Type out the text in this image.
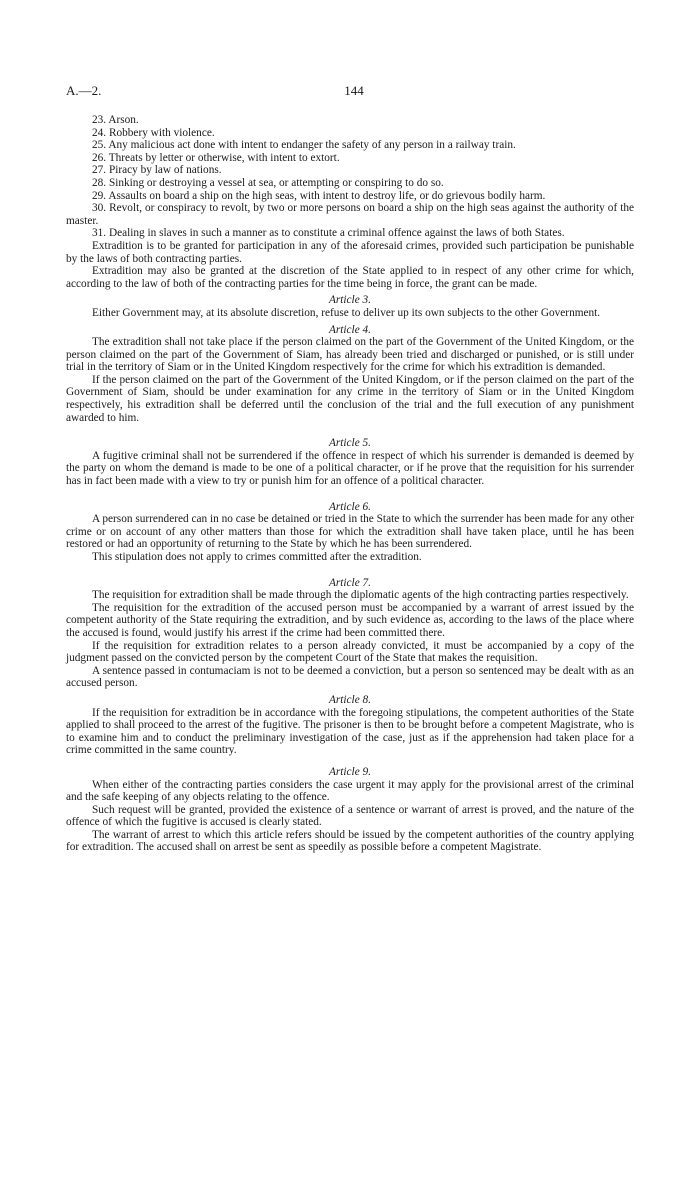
A.—2.	144

23. Arson.

24. Robbery with violence.

25. Any malicious act done with intent to endanger the safety of any person in a railway train.

26. Threats by letter or otherwise, with intent to extort.

27. Piracy by law of nations.

28. Sinking or destroying a vessel at sea, or attempting or conspiring to do so.

29. Assaults on board a ship on the high seas, with intent to destroy life, or do grievous bodily harm.

30. Revolt, or conspiracy to revolt, by two or more persons on board a ship on the high seas against the authority of the master.

31. Dealing in slaves in such a manner as to constitute a criminal offence against the laws of both States.

Extradition is to be granted for participation in any of the aforesaid crimes, provided such participation be punishable by the laws of both contracting parties.

Extradition may also be granted at the discretion of the State applied to in respect of any other crime for which, according to the law of both of the contracting parties for the time being in force, the grant can be made.

Article 3.

Either Government may, at its absolute discretion, refuse to deliver up its own subjects to the other Government.

Article 4.

The extradition shall not take place if the person claimed on the part of the Government of the United Kingdom, or the person claimed on the part of the Government of Siam, has already been tried and discharged or punished, or is still under trial in the territory of Siam or in the United Kingdom respectively for the crime for which his extradition is demanded.

If the person claimed on the part of the Government of the United Kingdom, or if the person claimed on the part of the Government of Siam, should be under examination for any crime in the territory of Siam or in the United Kingdom respectively, his extradition shall be deferred until the conclusion of the trial and the full execution of any punishment awarded to him.

Article 5.

A fugitive criminal shall not be surrendered if the offence in respect of which his surrender is demanded is deemed by the party on whom the demand is made to be one of a political character, or if he prove that the requisition for his surrender has in fact been made with a view to try or punish him for an offence of a political character.

Article 6.

A person surrendered can in no case be detained or tried in the State to which the surrender has been made for any other crime or on account of any other matters than those for which the extradition shall have taken place, until he has been restored or had an opportunity of returning to the State by which he has been surrendered.

This stipulation does not apply to crimes committed after the extradition.

Article 7.

The requisition for extradition shall be made through the diplomatic agents of the high contracting parties respectively.

The requisition for the extradition of the accused person must be accompanied by a warrant of arrest issued by the competent authority of the State requiring the extradition, and by such evidence as, according to the laws of the place where the accused is found, would justify his arrest if the crime had been committed there.

If the requisition for extradition relates to a person already convicted, it must be accompanied by a copy of the judgment passed on the convicted person by the competent Court of the State that makes the requisition.

A sentence passed in contumaciam is not to be deemed a conviction, but a person so sentenced may be dealt with as an accused person.

Article 8.

If the requisition for extradition be in accordance with the foregoing stipulations, the competent authorities of the State applied to shall proceed to the arrest of the fugitive. The prisoner is then to be brought before a competent Magistrate, who is to examine him and to conduct the preliminary investigation of the case, just as if the apprehension had taken place for a crime committed in the same country.

Article 9.

When either of the contracting parties considers the case urgent it may apply for the provisional arrest of the criminal and the safe keeping of any objects relating to the offence.

Such request will be granted, provided the existence of a sentence or warrant of arrest is proved, and the nature of the offence of which the fugitive is accused is clearly stated.

The warrant of arrest to which this article refers should be issued by the competent authorities of the country applying for extradition. The accused shall on arrest be sent as speedily as possible before a competent Magistrate.
